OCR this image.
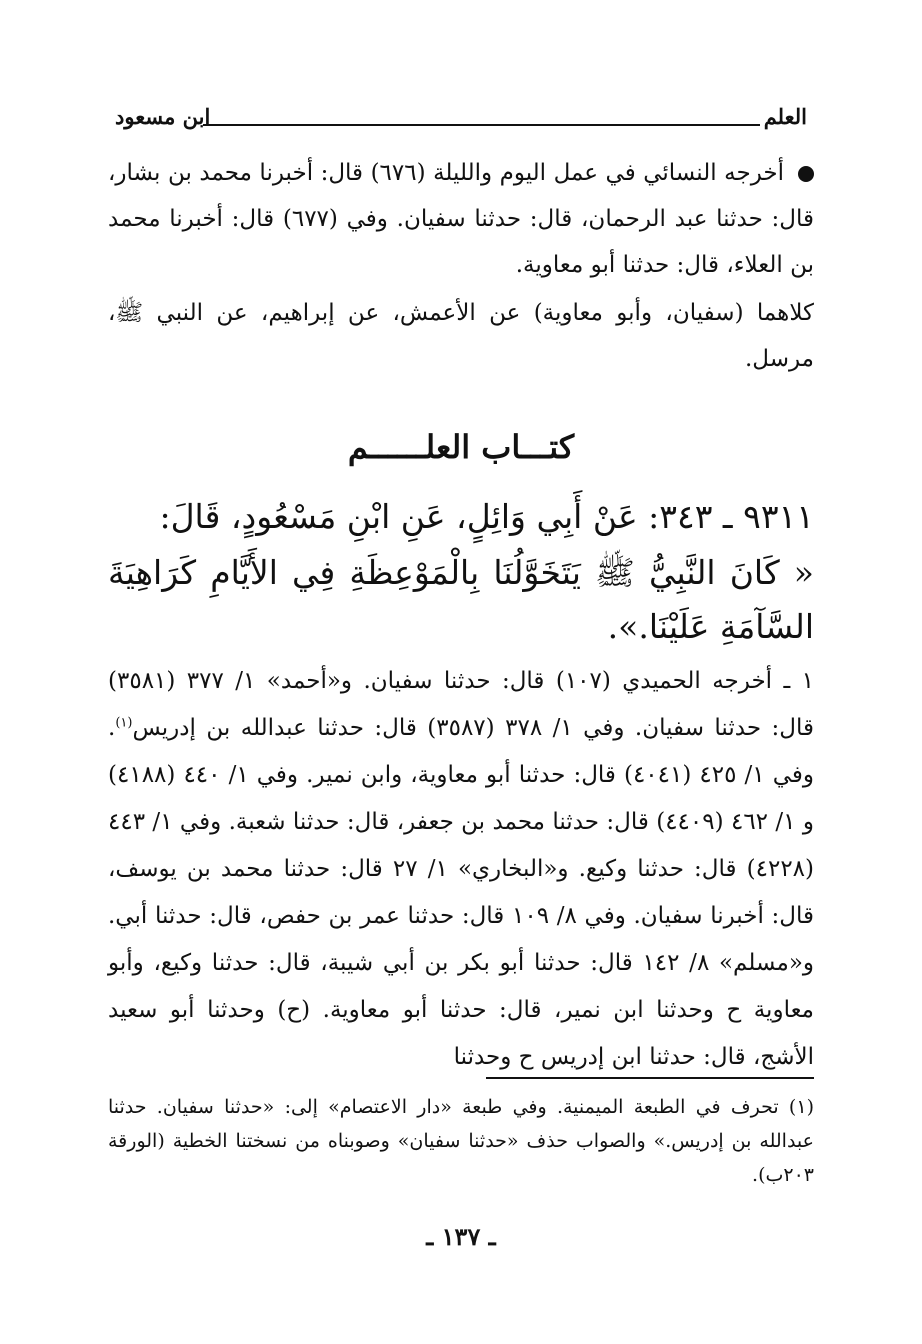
العلم
ابن مسعود
أخرجه النسائي في عمل اليوم والليلة (٦٧٦) قال: أخبرنا محمد بن بشار، قال: حدثنا عبد الرحمان، قال: حدثنا سفيان. وفي (٦٧٧) قال: أخبرنا محمد بن العلاء، قال: حدثنا أبو معاوية.
كلاهما (سفيان، وأبو معاوية) عن الأعمش، عن إبراهيم، عن النبي ﷺ، مرسل.
كتـــاب العلــــــم
٩٣١١ ـ ٣٤٣: عَنْ أَبِي وَائِلٍ، عَنِ ابْنِ مَسْعُودٍ، قَالَ:
« كَانَ النَّبِيُّ ﷺ يَتَخَوَّلُنَا بِالْمَوْعِظَةِ فِي الأَيَّامِ كَرَاهِيَةَ السَّآمَةِ عَلَيْنَا.».
١ ـ أخرجه الحميدي (١٠٧) قال: حدثنا سفيان. و«أحمد» ١/ ٣٧٧ (٣٥٨١) قال: حدثنا سفيان. وفي ١/ ٣٧٨ (٣٥٨٧) قال: حدثنا عبدالله بن إدريس$^{(١)}$. وفي ١/ ٤٢٥ (٤٠٤١) قال: حدثنا أبو معاوية، وابن نمير. وفي ١/ ٤٤٠ (٤١٨٨) و ١/ ٤٦٢ (٤٤٠٩) قال: حدثنا محمد بن جعفر، قال: حدثنا شعبة. وفي ١/ ٤٤٣ (٤٢٢٨) قال: حدثنا وكيع. و«البخاري» ١/ ٢٧ قال: حدثنا محمد بن يوسف، قال: أخبرنا سفيان. وفي ٨/ ١٠٩ قال: حدثنا عمر بن حفص، قال: حدثنا أبي. و«مسلم» ٨/ ١٤٢ قال: حدثنا أبو بكر بن أبي شيبة، قال: حدثنا وكيع، وأبو معاوية ح وحدثنا ابن نمير، قال: حدثنا أبو معاوية. (ح) وحدثنا أبو سعيد الأشج، قال: حدثنا ابن إدريس ح وحدثنا
(١) تحرف في الطبعة الميمنية. وفي طبعة «دار الاعتصام» إلى: «حدثنا سفيان. حدثنا عبدالله بن إدريس.» والصواب حذف «حدثنا سفيان» وصوبناه من نسختنا الخطية (الورقة ٢٠٣ب).
ـ ١٣٧ ـ
